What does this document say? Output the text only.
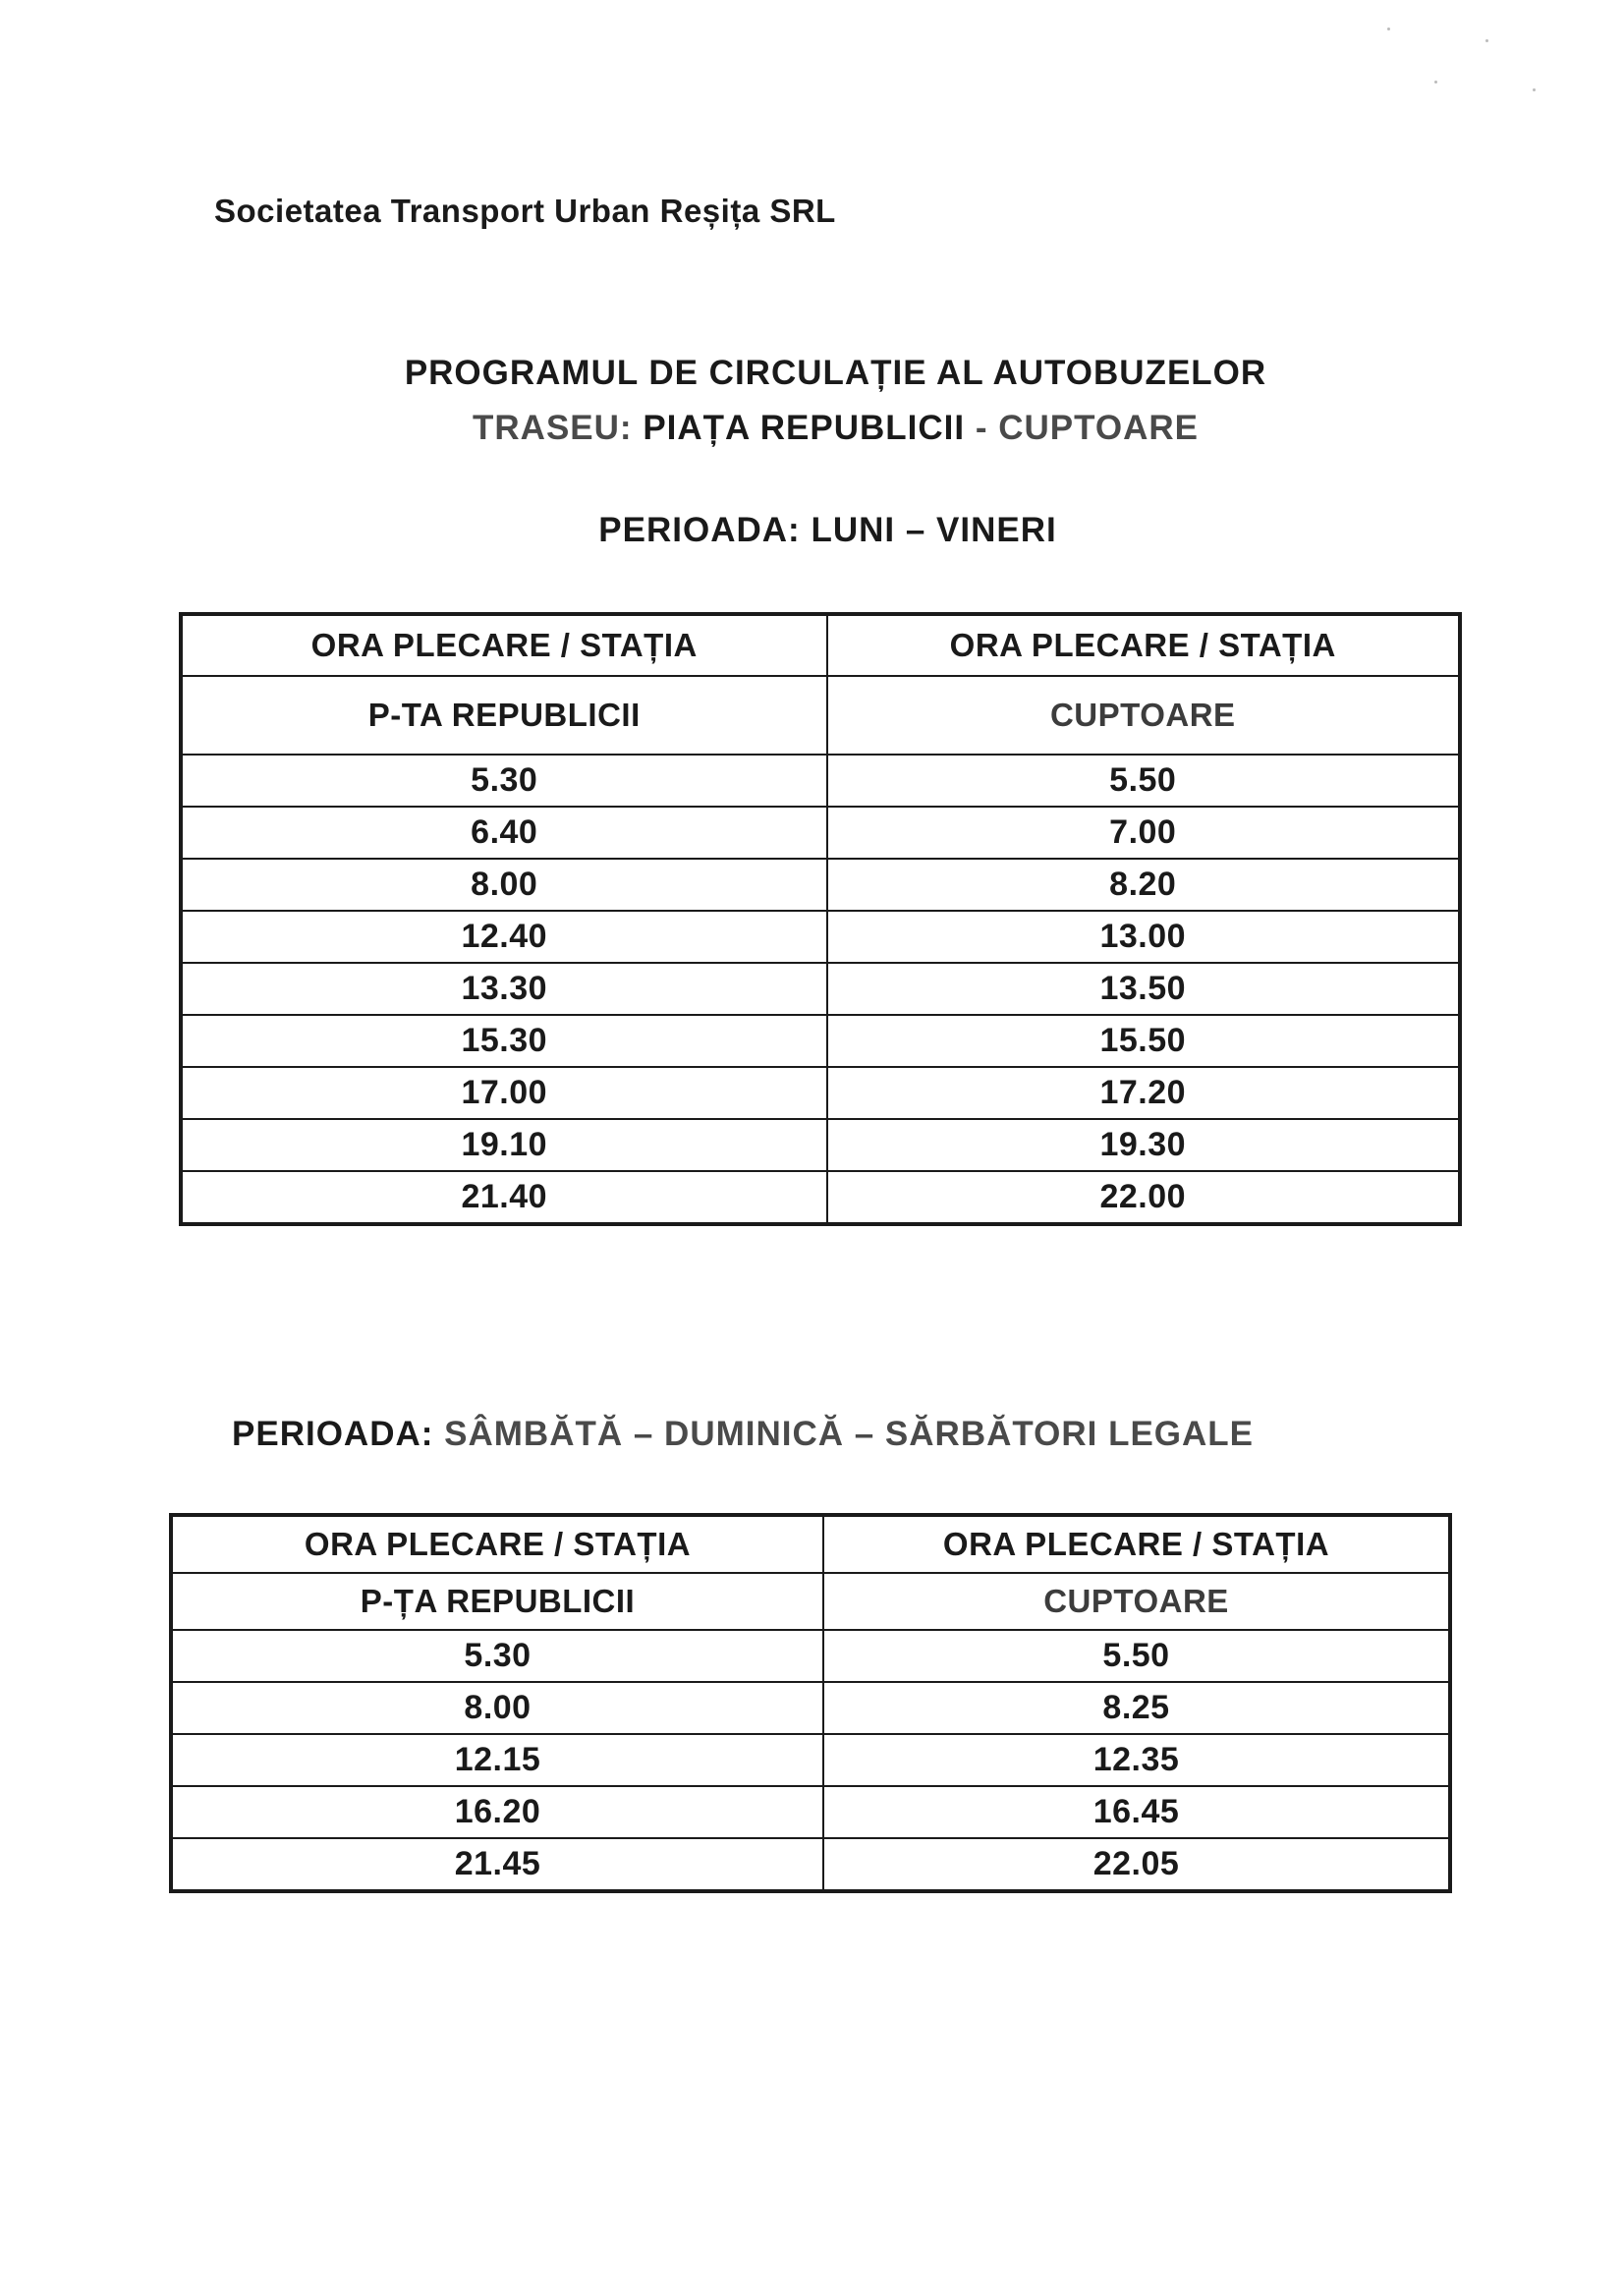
Societatea Transport Urban Reșița SRL
PROGRAMUL DE CIRCULAȚIE AL AUTOBUZELOR
TRASEU: PIAȚA REPUBLICII - CUPTOARE
PERIOADA: LUNI – VINERI
ORA PLECARE / STAȚIA	ORA PLECARE / STAȚIA
P-TA REPUBLICII	CUPTOARE
5.30	5.50
6.40	7.00
8.00	8.20
12.40	13.00
13.30	13.50
15.30	15.50
17.00	17.20
19.10	19.30
21.40	22.00
PERIOADA: SÂMBĂTĂ – DUMINICĂ – SĂRBĂTORI LEGALE
ORA PLECARE / STAȚIA	ORA PLECARE / STAȚIA
P-ȚA REPUBLICII	CUPTOARE
5.30	5.50
8.00	8.25
12.15	12.35
16.20	16.45
21.45	22.05
